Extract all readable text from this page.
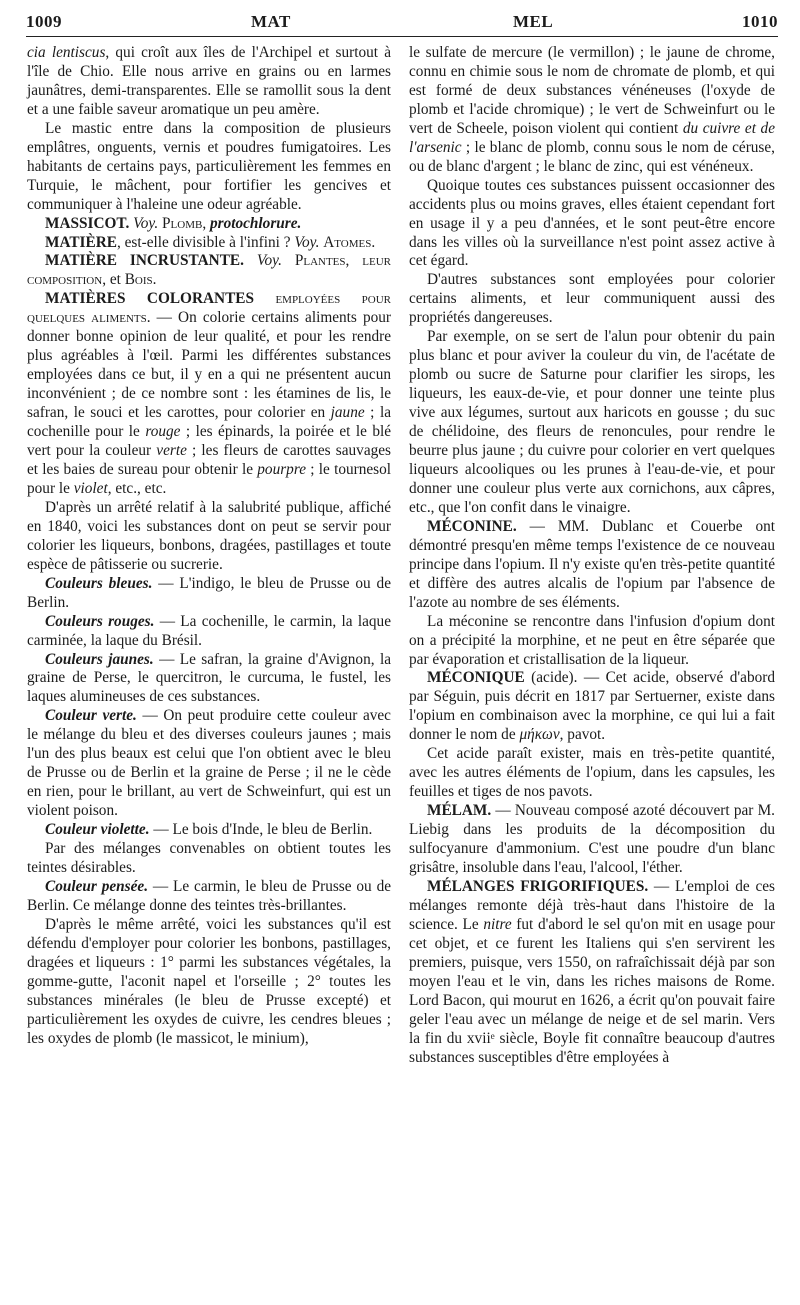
1009	MAT	MEL	1010

cia lentiscus, qui croît aux îles de l'Archipel et surtout à l'île de Chio. Elle nous arrive en grains ou en larmes jaunâtres, demi-transparentes. Elle se ramollit sous la dent et a une faible saveur aromatique un peu amère.

Le mastic entre dans la composition de plusieurs emplâtres, onguents, vernis et poudres fumigatoires. Les habitants de certains pays, particulièrement les femmes en Turquie, le mâchent, pour fortifier les gencives et communiquer à l'haleine une odeur agréable.

MASSICOT. Voy. Plomb, protochlorure.

MATIÈRE, est-elle divisible à l'infini ? Voy. Atomes.

MATIÈRE INCRUSTANTE. Voy. Plantes, leur composition, et Bois.

MATIÈRES COLORANTES employées pour quelques aliments. — On colorie certains aliments pour donner bonne opinion de leur qualité, et pour les rendre plus agréables à l'œil. Parmi les différentes substances employées dans ce but, il y en a qui ne présentent aucun inconvénient ; de ce nombre sont : les étamines de lis, le safran, le souci et les carottes, pour colorier en jaune ; la cochenille pour le rouge ; les épinards, la poirée et le blé vert pour la couleur verte ; les fleurs de carottes sauvages et les baies de sureau pour obtenir le pourpre ; le tournesol pour le violet, etc., etc.

D'après un arrêté relatif à la salubrité publique, affiché en 1840, voici les substances dont on peut se servir pour colorier les liqueurs, bonbons, dragées, pastillages et toute espèce de pâtisserie ou sucrerie.

Couleurs bleues. — L'indigo, le bleu de Prusse ou de Berlin.

Couleurs rouges. — La cochenille, le carmin, la laque carminée, la laque du Brésil.

Couleurs jaunes. — Le safran, la graine d'Avignon, la graine de Perse, le quercitron, le curcuma, le fustel, les laques alumineuses de ces substances.

Couleur verte. — On peut produire cette couleur avec le mélange du bleu et des diverses couleurs jaunes ; mais l'un des plus beaux est celui que l'on obtient avec le bleu de Prusse ou de Berlin et la graine de Perse ; il ne le cède en rien, pour le brillant, au vert de Schweinfurt, qui est un violent poison.

Couleur violette. — Le bois d'Inde, le bleu de Berlin.

Par des mélanges convenables on obtient toutes les teintes désirables.

Couleur pensée. — Le carmin, le bleu de Prusse ou de Berlin. Ce mélange donne des teintes très-brillantes.

D'après le même arrêté, voici les substances qu'il est défendu d'employer pour colorier les bonbons, pastillages, dragées et liqueurs : 1° parmi les substances végétales, la gomme-gutte, l'aconit napel et l'orseille ; 2° toutes les substances minérales (le bleu de Prusse excepté) et particulièrement les oxydes de cuivre, les cendres bleues ; les oxydes de plomb (le massicot, le minium),

le sulfate de mercure (le vermillon) ; le jaune de chrome, connu en chimie sous le nom de chromate de plomb, et qui est formé de deux substances vénéneuses (l'oxyde de plomb et l'acide chromique) ; le vert de Schweinfurt ou le vert de Scheele, poison violent qui contient du cuivre et de l'arsenic ; le blanc de plomb, connu sous le nom de céruse, ou de blanc d'argent ; le blanc de zinc, qui est vénéneux.

Quoique toutes ces substances puissent occasionner des accidents plus ou moins graves, elles étaient cependant fort en usage il y a peu d'années, et le sont peut-être encore dans les villes où la surveillance n'est point assez active à cet égard.

D'autres substances sont employées pour colorier certains aliments, et leur communiquent aussi des propriétés dangereuses.

Par exemple, on se sert de l'alun pour obtenir du pain plus blanc et pour aviver la couleur du vin, de l'acétate de plomb ou sucre de Saturne pour clarifier les sirops, les liqueurs, les eaux-de-vie, et pour donner une teinte plus vive aux légumes, surtout aux haricots en gousse ; du suc de chélidoine, des fleurs de renoncules, pour rendre le beurre plus jaune ; du cuivre pour colorier en vert quelques liqueurs alcooliques ou les prunes à l'eau-de-vie, et pour donner une couleur plus verte aux cornichons, aux câpres, etc., que l'on confit dans le vinaigre.

MÉCONINE. — MM. Dublanc et Couerbe ont démontré presqu'en même temps l'existence de ce nouveau principe dans l'opium. Il n'y existe qu'en très-petite quantité et diffère des autres alcalis de l'opium par l'absence de l'azote au nombre de ses éléments.

La méconine se rencontre dans l'infusion d'opium dont on a précipité la morphine, et ne peut en être séparée que par évaporation et cristallisation de la liqueur.

MÉCONIQUE (acide). — Cet acide, observé d'abord par Séguin, puis décrit en 1817 par Sertuerner, existe dans l'opium en combinaison avec la morphine, ce qui lui a fait donner le nom de μήκων, pavot.

Cet acide paraît exister, mais en très-petite quantité, avec les autres éléments de l'opium, dans les capsules, les feuilles et tiges de nos pavots.

MÉLAM. — Nouveau composé azoté découvert par M. Liebig dans les produits de la décomposition du sulfocyanure d'ammonium. C'est une poudre d'un blanc grisâtre, insoluble dans l'eau, l'alcool, l'éther.

MÉLANGES FRIGORIFIQUES. — L'emploi de ces mélanges remonte déjà très-haut dans l'histoire de la science. Le nitre fut d'abord le sel qu'on mit en usage pour cet objet, et ce furent les Italiens qui s'en servirent les premiers, puisque, vers 1550, on rafraîchissait déjà par son moyen l'eau et le vin, dans les riches maisons de Rome. Lord Bacon, qui mourut en 1626, a écrit qu'on pouvait faire geler l'eau avec un mélange de neige et de sel marin. Vers la fin du xviiᵉ siècle, Boyle fit connaître beaucoup d'autres substances susceptibles d'être employées à
